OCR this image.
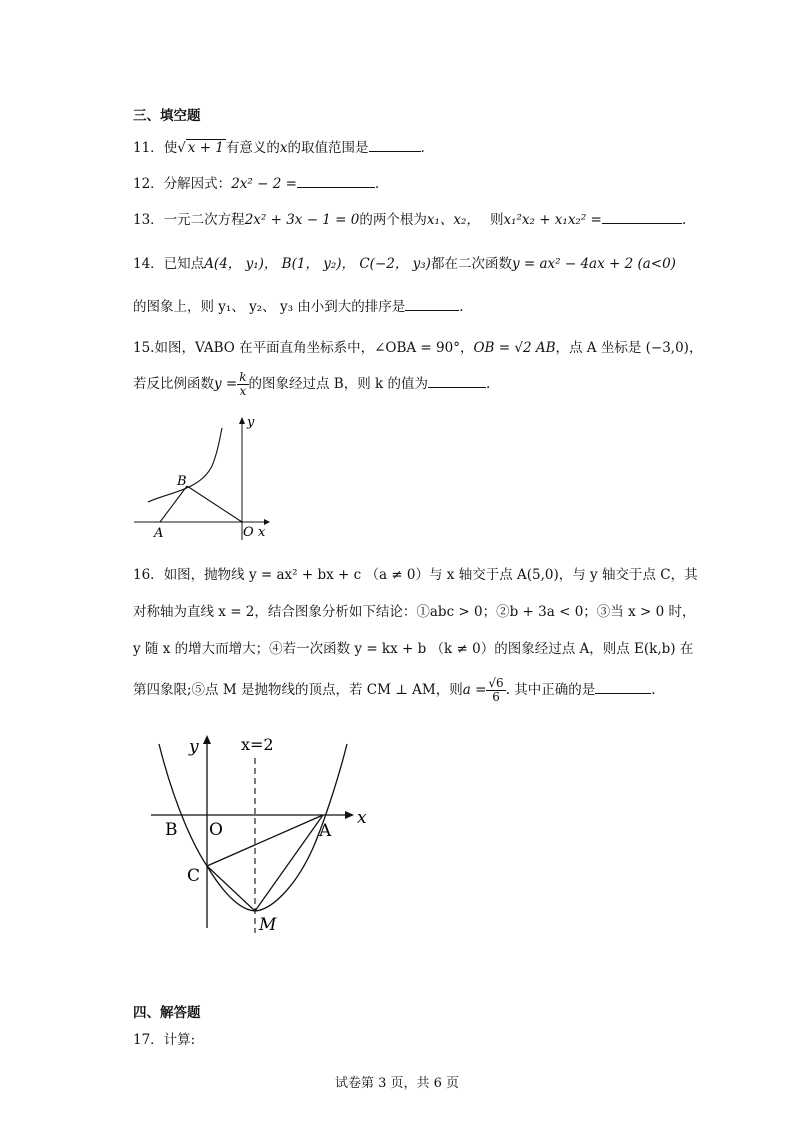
三、填空题
11．使√ x + 1 有意义的x的取值范围是	.
12．分解因式：2x² − 2 =	.
13．一元二次方程2x² + 3x − 1 = 0的两个根为x₁、x₂， 则x₁²x₂ + x₁x₂² =	.
14．已知点A(4， y₁)， B(1， y₂)， C(−2， y₃)都在二次函数y = ax² − 4ax + 2 (a<0)
的图象上，则 y₁、 y₂、 y₃ 由小到大的排序是	.
15.如图，VABO 在平面直角坐标系中，∠OBA = 90°，OB = √2 AB，点 A 坐标是 (−3,0)，
若反比例函数$y = \frac{k}{x}$ 的图象经过点 B，则 k 的值为	.
y
x
B
A	O
16．如图，抛物线 y = ax² + bx + c （a ≠ 0）与 x 轴交于点 A(5,0)，与 y 轴交于点 C，其
对称轴为直线 x = 2，结合图象分析如下结论：①abc > 0；②b + 3a < 0；③当 x > 0 时，
y 随 x 的增大而增大；④若一次函数 y = kx + b （k ≠ 0）的图象经过点 A，则点 E(k,b) 在
第四象限;⑤点 M 是抛物线的顶点，若 CM ⊥ AM，则$a = \frac{√6}{6}$ . 其中正确的是	.
y	x=2
x
B O	A
C
M
四、解答题
17．计算:
试卷第 3 页，共 6 页
